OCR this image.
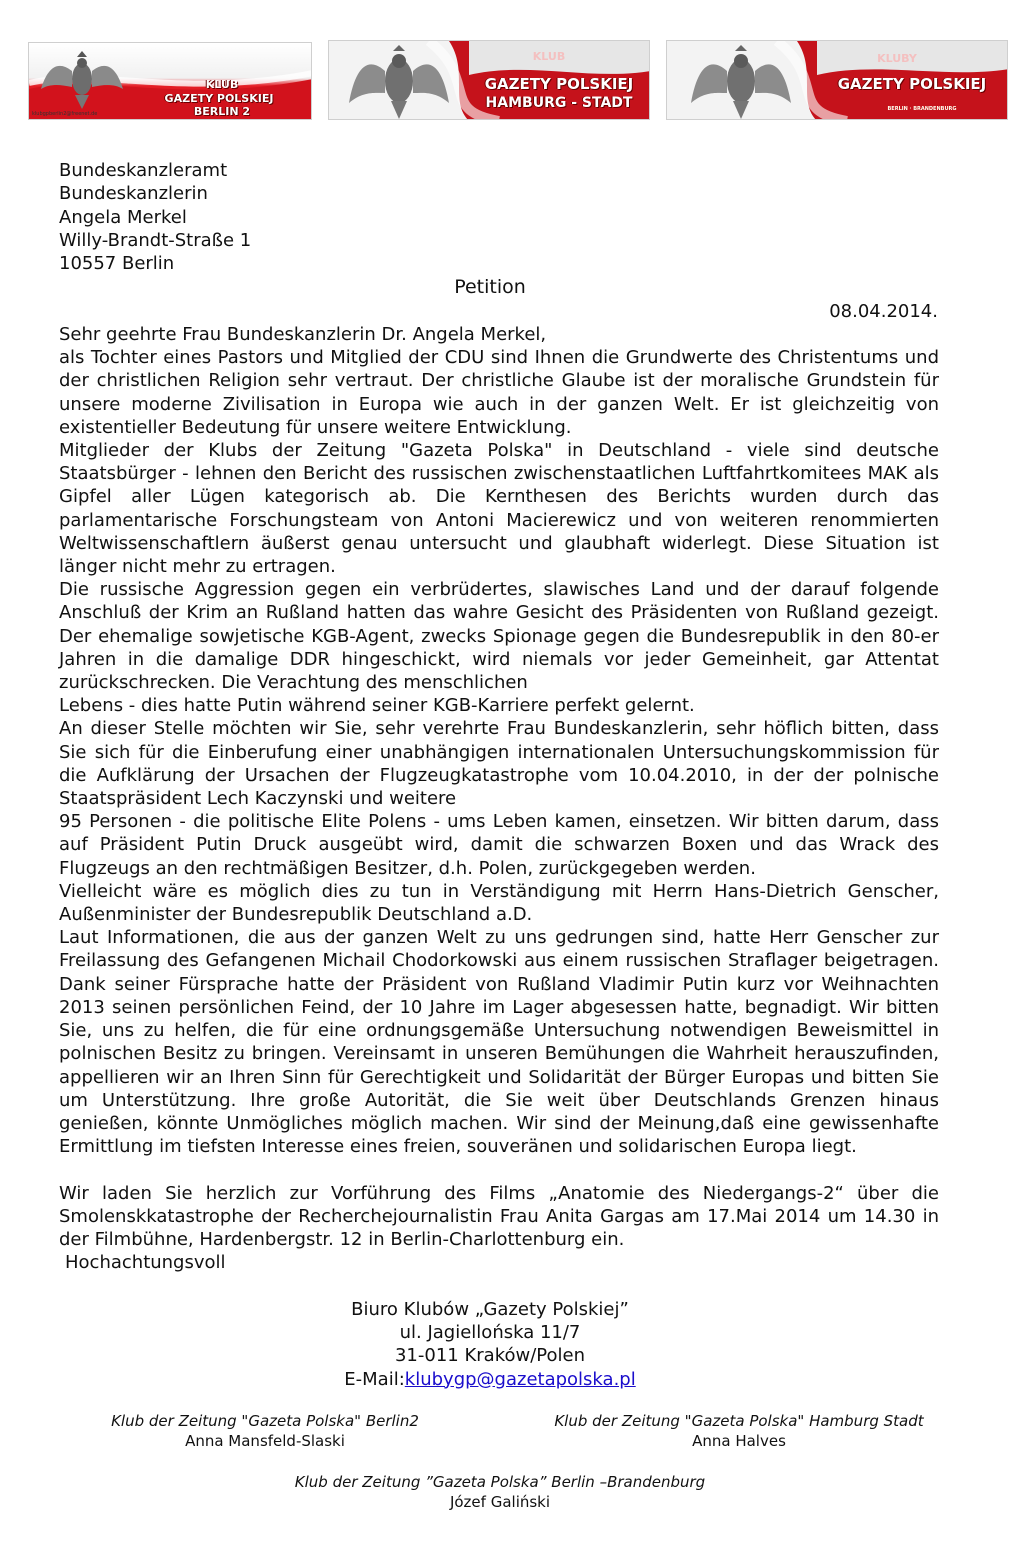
KLUB
GAZETY POLSKIEJ
BERLIN 2
klubgpberlin2@freenet.de
KLUB
GAZETY POLSKIEJ
HAMBURG - STADT
KLUBY
GAZETY POLSKIEJ
BERLIN · BRANDENBURG
Bundeskanzleramt
Bundeskanzlerin
Angela Merkel
Willy-Brandt-Straße 1
10557 Berlin
Petition
08.04.2014.

Sehr geehrte Frau Bundeskanzlerin Dr. Angela Merkel,

als Tochter eines Pastors und Mitglied der CDU sind Ihnen die Grundwerte des Christentums und der christlichen Religion sehr vertraut. Der christliche Glaube ist der moralische Grundstein für unsere moderne Zivilisation in Europa wie auch in der ganzen Welt. Er ist gleichzeitig von existentieller Bedeutung für unsere weitere Entwicklung.

Mitglieder der Klubs der Zeitung "Gazeta Polska" in Deutschland - viele sind deutsche Staatsbürger - lehnen den Bericht des russischen zwischenstaatlichen Luftfahrtkomitees MAK als Gipfel aller Lügen kategorisch ab. Die Kernthesen des Berichts wurden durch das parlamentarische Forschungsteam von Antoni Macierewicz und von weiteren renommierten Weltwissenschaftlern äußerst genau untersucht und glaubhaft widerlegt. Diese Situation ist länger nicht mehr zu ertragen.

Die russische Aggression gegen ein verbrüdertes, slawisches Land und der darauf folgende Anschluß der Krim an Rußland hatten das wahre Gesicht des Präsidenten von Rußland gezeigt. Der ehemalige sowjetische KGB-Agent, zwecks Spionage gegen die Bundesrepublik in den 80-er Jahren in die damalige DDR hingeschickt, wird niemals vor jeder Gemeinheit, gar Attentat zurückschrecken. Die Verachtung des menschlichen

Lebens - dies hatte Putin während seiner KGB-Karriere perfekt gelernt.

An dieser Stelle möchten wir Sie, sehr verehrte Frau Bundeskanzlerin, sehr höflich bitten, dass Sie sich für die Einberufung einer unabhängigen internationalen Untersuchungskommission für die Aufklärung der Ursachen der Flugzeugkatastrophe vom 10.04.2010, in der der polnische Staatspräsident Lech Kaczynski und weitere

95 Personen - die politische Elite Polens - ums Leben kamen, einsetzen. Wir bitten darum, dass auf Präsident Putin Druck ausgeübt wird, damit die schwarzen Boxen und das Wrack des Flugzeugs an den rechtmäßigen Besitzer, d.h. Polen, zurückgegeben werden.

Vielleicht wäre es möglich dies zu tun in Verständigung mit Herrn Hans-Dietrich Genscher, Außenminister der Bundesrepublik Deutschland a.D.

Laut Informationen, die aus der ganzen Welt zu uns gedrungen sind, hatte Herr Genscher zur Freilassung des Gefangenen Michail Chodorkowski aus einem russischen Straflager beigetragen. Dank seiner Fürsprache hatte der Präsident von Rußland Vladimir Putin kurz vor Weihnachten 2013 seinen persönlichen Feind, der 10 Jahre im Lager abgesessen hatte, begnadigt. Wir bitten Sie, uns zu helfen, die für eine ordnungsgemäße Untersuchung notwendigen Beweismittel in polnischen Besitz zu bringen. Vereinsamt in unseren Bemühungen die Wahrheit herauszufinden, appellieren wir an Ihren Sinn für Gerechtigkeit und Solidarität der Bürger Europas und bitten Sie um Unterstützung. Ihre große Autorität, die Sie weit über Deutschlands Grenzen hinaus genießen, könnte Unmögliches möglich machen. Wir sind der Meinung,daß eine gewissenhafte Ermittlung im tiefsten Interesse eines freien, souveränen und solidarischen Europa liegt.

Wir laden Sie herzlich zur Vorführung des Films „Anatomie des Niedergangs-2“ über die Smolenskkatastrophe der Recherchejournalistin Frau Anita Gargas am 17.Mai 2014 um 14.30 in der Filmbühne, Hardenbergstr. 12 in Berlin-Charlottenburg ein.

Hochachtungsvoll

Biuro Klubów „Gazety Polskiej”
ul. Jagiellońska 11/7
31-011 Kraków/Polen
E-Mail:klubygp@gazetapolska.pl
Klub der Zeitung "Gazeta Polska" Berlin2
Anna Mansfeld-Slaski
Klub der Zeitung "Gazeta Polska" Hamburg Stadt
Anna Halves
Klub der Zeitung ”Gazeta Polska” Berlin –Brandenburg
Józef Galiński
